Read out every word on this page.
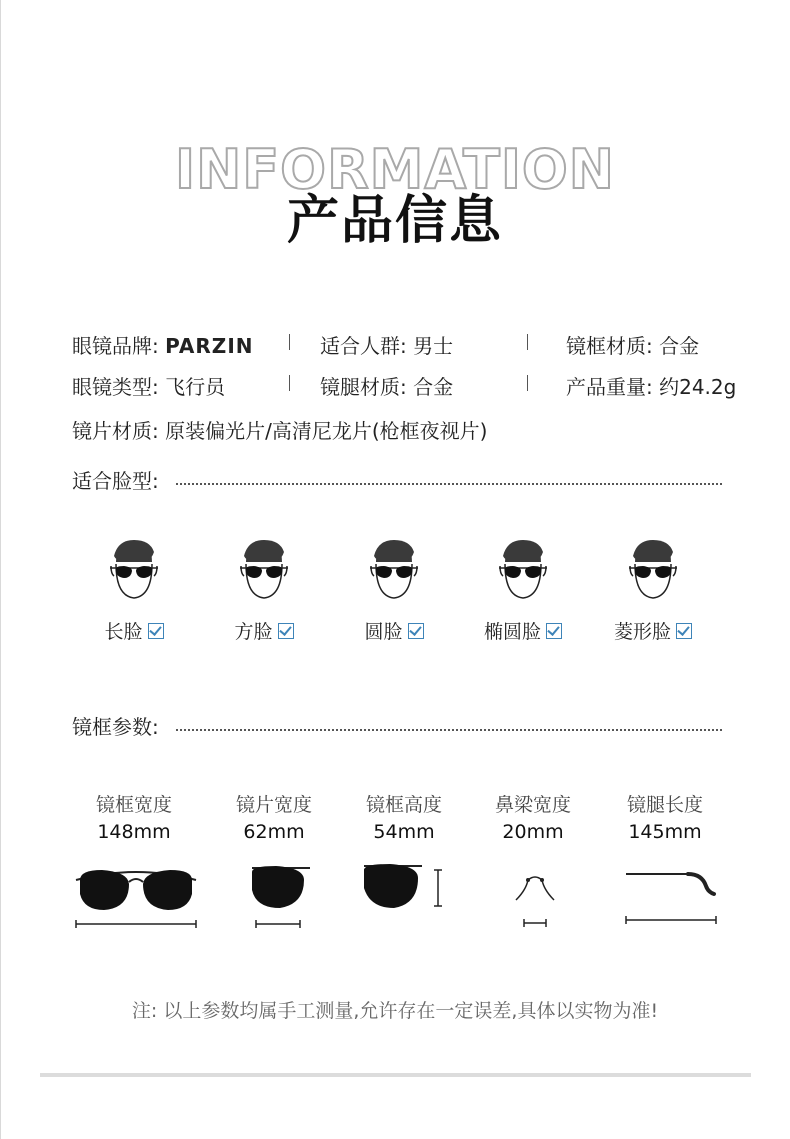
INFORMATION
产品信息
眼镜品牌: PARZIN	适合人群: 男士	镜框材质: 合金
眼镜类型: 飞行员	镜腿材质: 合金	产品重量: 约24.2g
镜片材质: 原装偏光片/高清尼龙片(枪框夜视片)
适合脸型:
长脸	方脸	圆脸	椭圆脸	菱形脸
镜框参数:
镜框宽度
148mm
镜片宽度
62mm
镜框高度
54mm
鼻梁宽度
20mm
镜腿长度
145mm
注: 以上参数均属手工测量,允许存在一定误差,具体以实物为准!
